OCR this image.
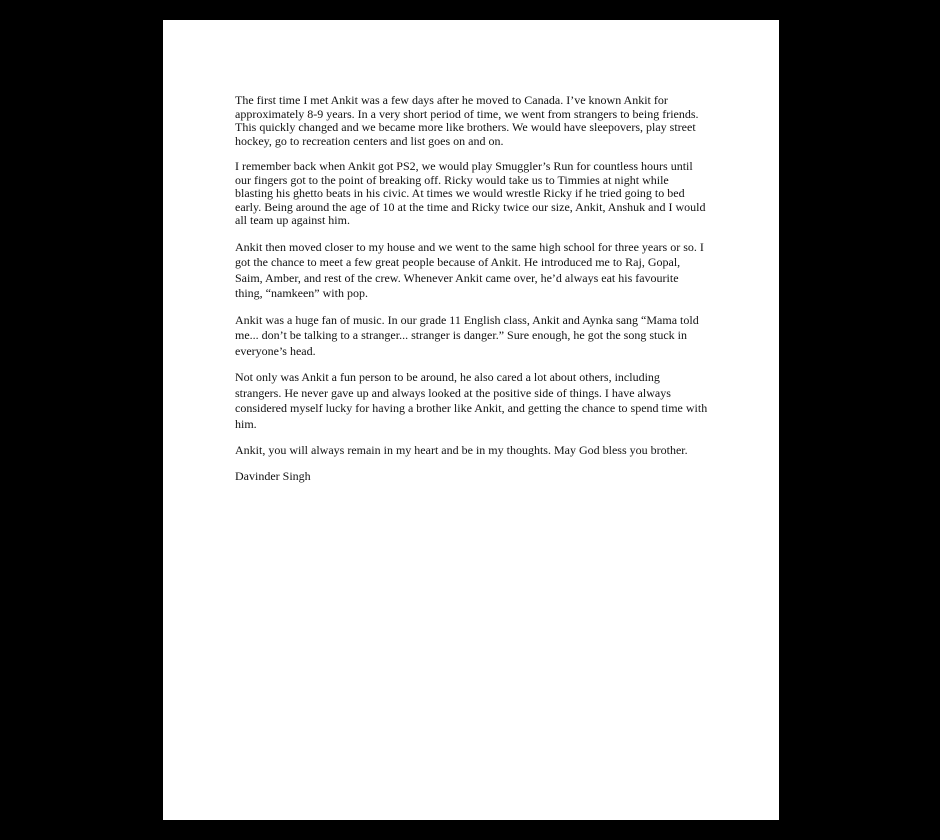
The first time I met Ankit was a few days after he moved to Canada. I’ve known Ankit for approximately 8-9 years. In a very short period of time, we went from strangers to being friends. This quickly changed and we became more like brothers. We would have sleepovers, play street hockey, go to recreation centers and list goes on and on.

I remember back when Ankit got PS2, we would play Smuggler’s Run for countless hours until our fingers got to the point of breaking off. Ricky would take us to Timmies at night while blasting his ghetto beats in his civic. At times we would wrestle Ricky if he tried going to bed early. Being around the age of 10 at the time and Ricky twice our size, Ankit, Anshuk and I would all team up against him.

Ankit then moved closer to my house and we went to the same high school for three years or so. I got the chance to meet a few great people because of Ankit. He introduced me to Raj, Gopal, Saim, Amber, and rest of the crew. Whenever Ankit came over, he’d always eat his favourite thing, “namkeen” with pop.

Ankit was a huge fan of music. In our grade 11 English class, Ankit and Aynka sang “Mama told me... don’t be talking to a stranger... stranger is danger.” Sure enough, he got the song stuck in everyone’s head.

Not only was Ankit a fun person to be around, he also cared a lot about others, including strangers. He never gave up and always looked at the positive side of things. I have always considered myself lucky for having a brother like Ankit, and getting the chance to spend time with him.

Ankit, you will always remain in my heart and be in my thoughts. May God bless you brother.

Davinder Singh
